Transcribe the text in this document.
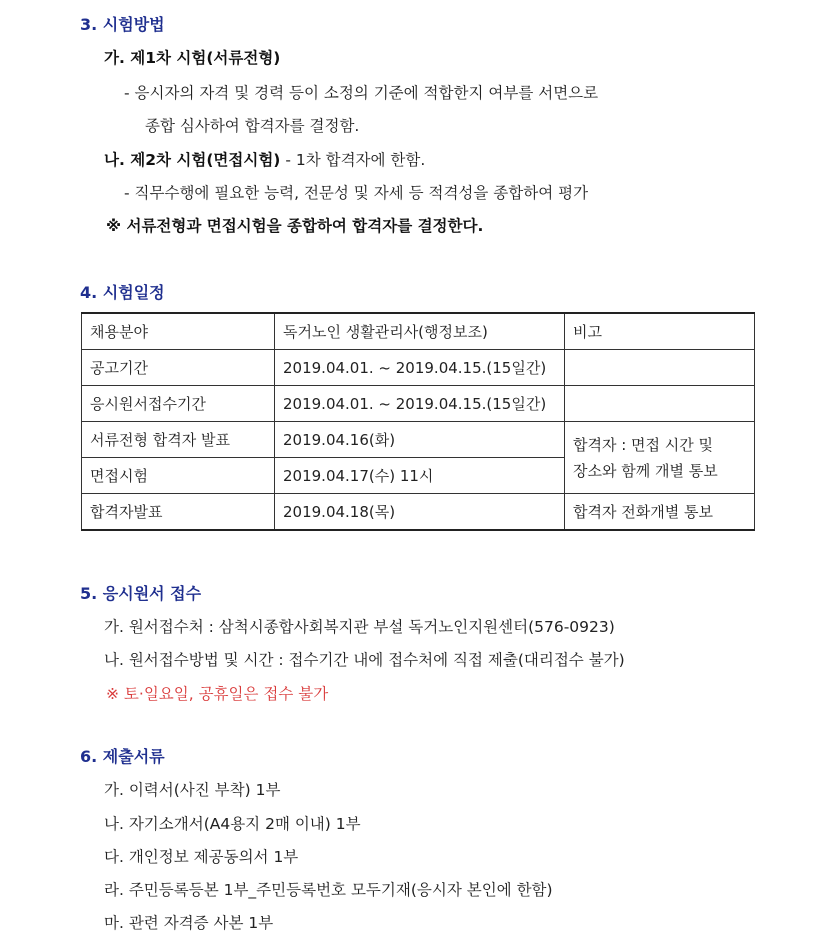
3. 시험방법
가. 제1차 시험(서류전형)
- 응시자의 자격 및 경력 등이 소정의 기준에 적합한지 여부를 서면으로
종합 심사하여 합격자를 결정함.
나. 제2차 시험(면접시험) - 1차 합격자에 한함.
- 직무수행에 필요한 능력, 전문성 및 자세 등 적격성을 종합하여 평가
※ 서류전형과 면접시험을 종합하여 합격자를 결정한다.
4. 시험일정
채용분야	독거노인 생활관리사(행정보조)	비고
공고기간	2019.04.01. ~ 2019.04.15.(15일간)	
응시원서접수기간	2019.04.01. ~ 2019.04.15.(15일간)	
서류전형 합격자 발표	2019.04.16(화)	합격자 : 면접 시간 및
장소와 함께 개별 통보

면접시험	2019.04.17(수) 11시	
합격자발표	2019.04.18(목)	합격자 전화개별 통보
5. 응시원서 접수
가. 원서접수처 : 삼척시종합사회복지관 부설 독거노인지원센터(576-0923)
나. 원서접수방법 및 시간 : 접수기간 내에 접수처에 직접 제출(대리접수 불가)
※ 토·일요일, 공휴일은 접수 불가
6. 제출서류
가. 이력서(사진 부착) 1부
나. 자기소개서(A4용지 2매 이내) 1부
다. 개인정보 제공동의서 1부
라. 주민등록등본 1부_주민등록번호 모두기재(응시자 본인에 한함)
마. 관련 자격증 사본 1부
